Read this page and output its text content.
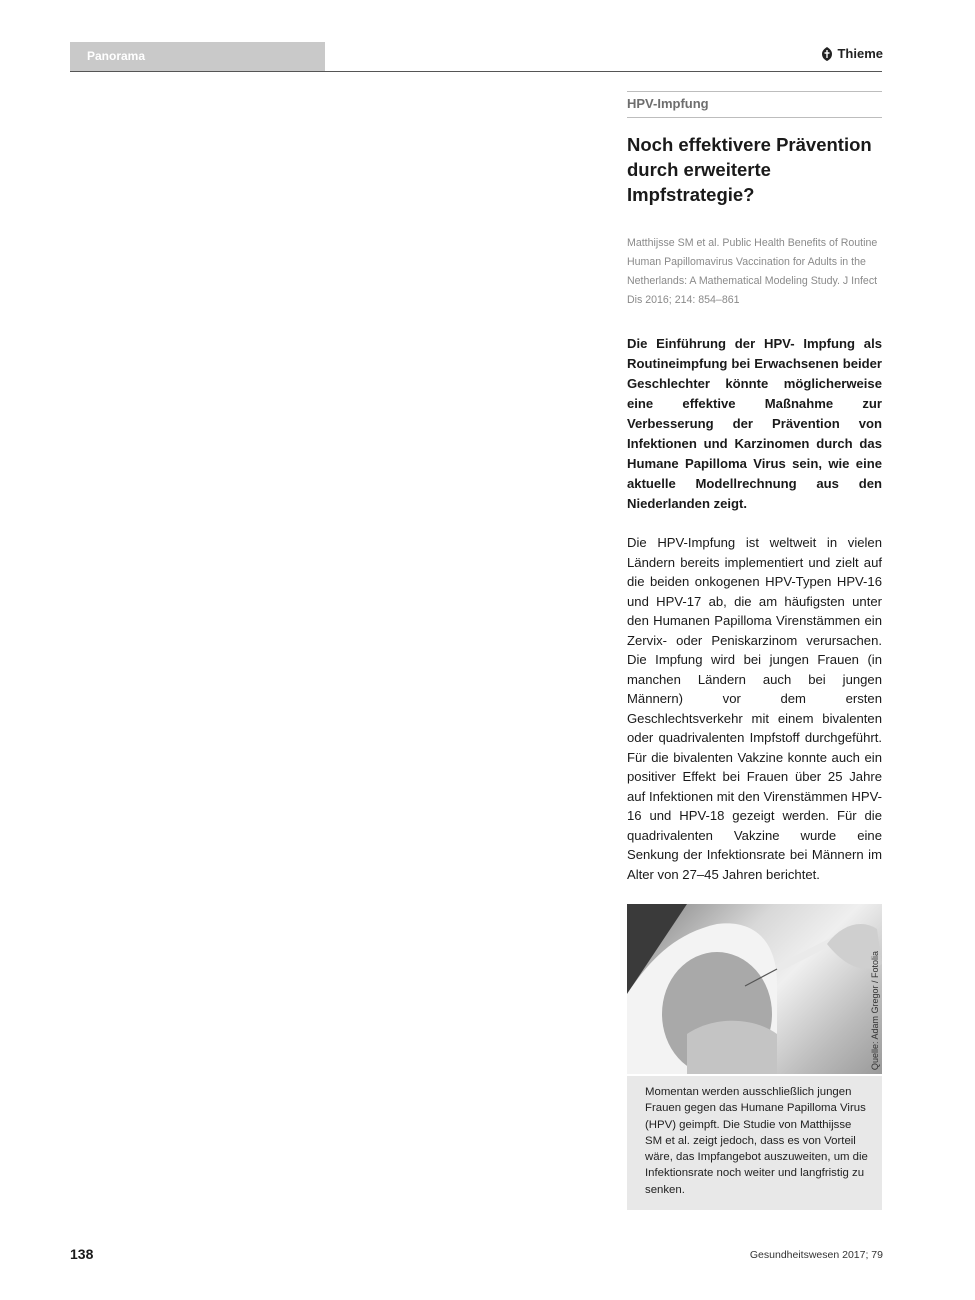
Panorama	Thieme
HPV-Impfung
Noch effektivere Prävention durch erweiterte Impfstrategie?
Matthijsse SM et al. Public Health Benefits of Routine Human Papillomavirus Vaccination for Adults in the Netherlands: A Mathematical Modeling Study. J Infect Dis 2016; 214: 854–861
Die Einführung der HPV- Impfung als Routineimpfung bei Erwachsenen beider Geschlechter könnte möglicherweise eine effektive Maßnahme zur Verbesserung der Prävention von Infektionen und Karzinomen durch das Humane Papilloma Virus sein, wie eine aktuelle Modellrechnung aus den Niederlanden zeigt.
Die HPV-Impfung ist weltweit in vielen Ländern bereits implementiert und zielt auf die beiden onkogenen HPV-Typen HPV-16 und HPV-17 ab, die am häufigsten unter den Humanen Papilloma Virenstämmen ein Zervix- oder Peniskarzinom verursachen. Die Impfung wird bei jungen Frauen (in manchen Ländern auch bei jungen Männern) vor dem ersten Geschlechtsverkehr mit einem bivalenten oder quadrivalenten Impfstoff durchgeführt. Für die bivalenten Vakzine konnte auch ein positiver Effekt bei Frauen über 25 Jahre auf Infektionen mit den Virenstämmen HPV-16 und HPV-18 gezeigt werden. Für die quadrivalenten Vakzine wurde eine Senkung der Infektionsrate bei Männern im Alter von 27–45 Jahren berichtet.
Quelle: Adam Gregor / Fotolia
Momentan werden ausschließlich jungen Frauen gegen das Humane Papilloma Virus (HPV) geimpft. Die Studie von Matthijsse SM et al. zeigt jedoch, dass es von Vorteil wäre, das Impfangebot auszuweiten, um die Infektionsrate noch weiter und langfristig zu senken.
138	Gesundheitswesen 2017; 79
